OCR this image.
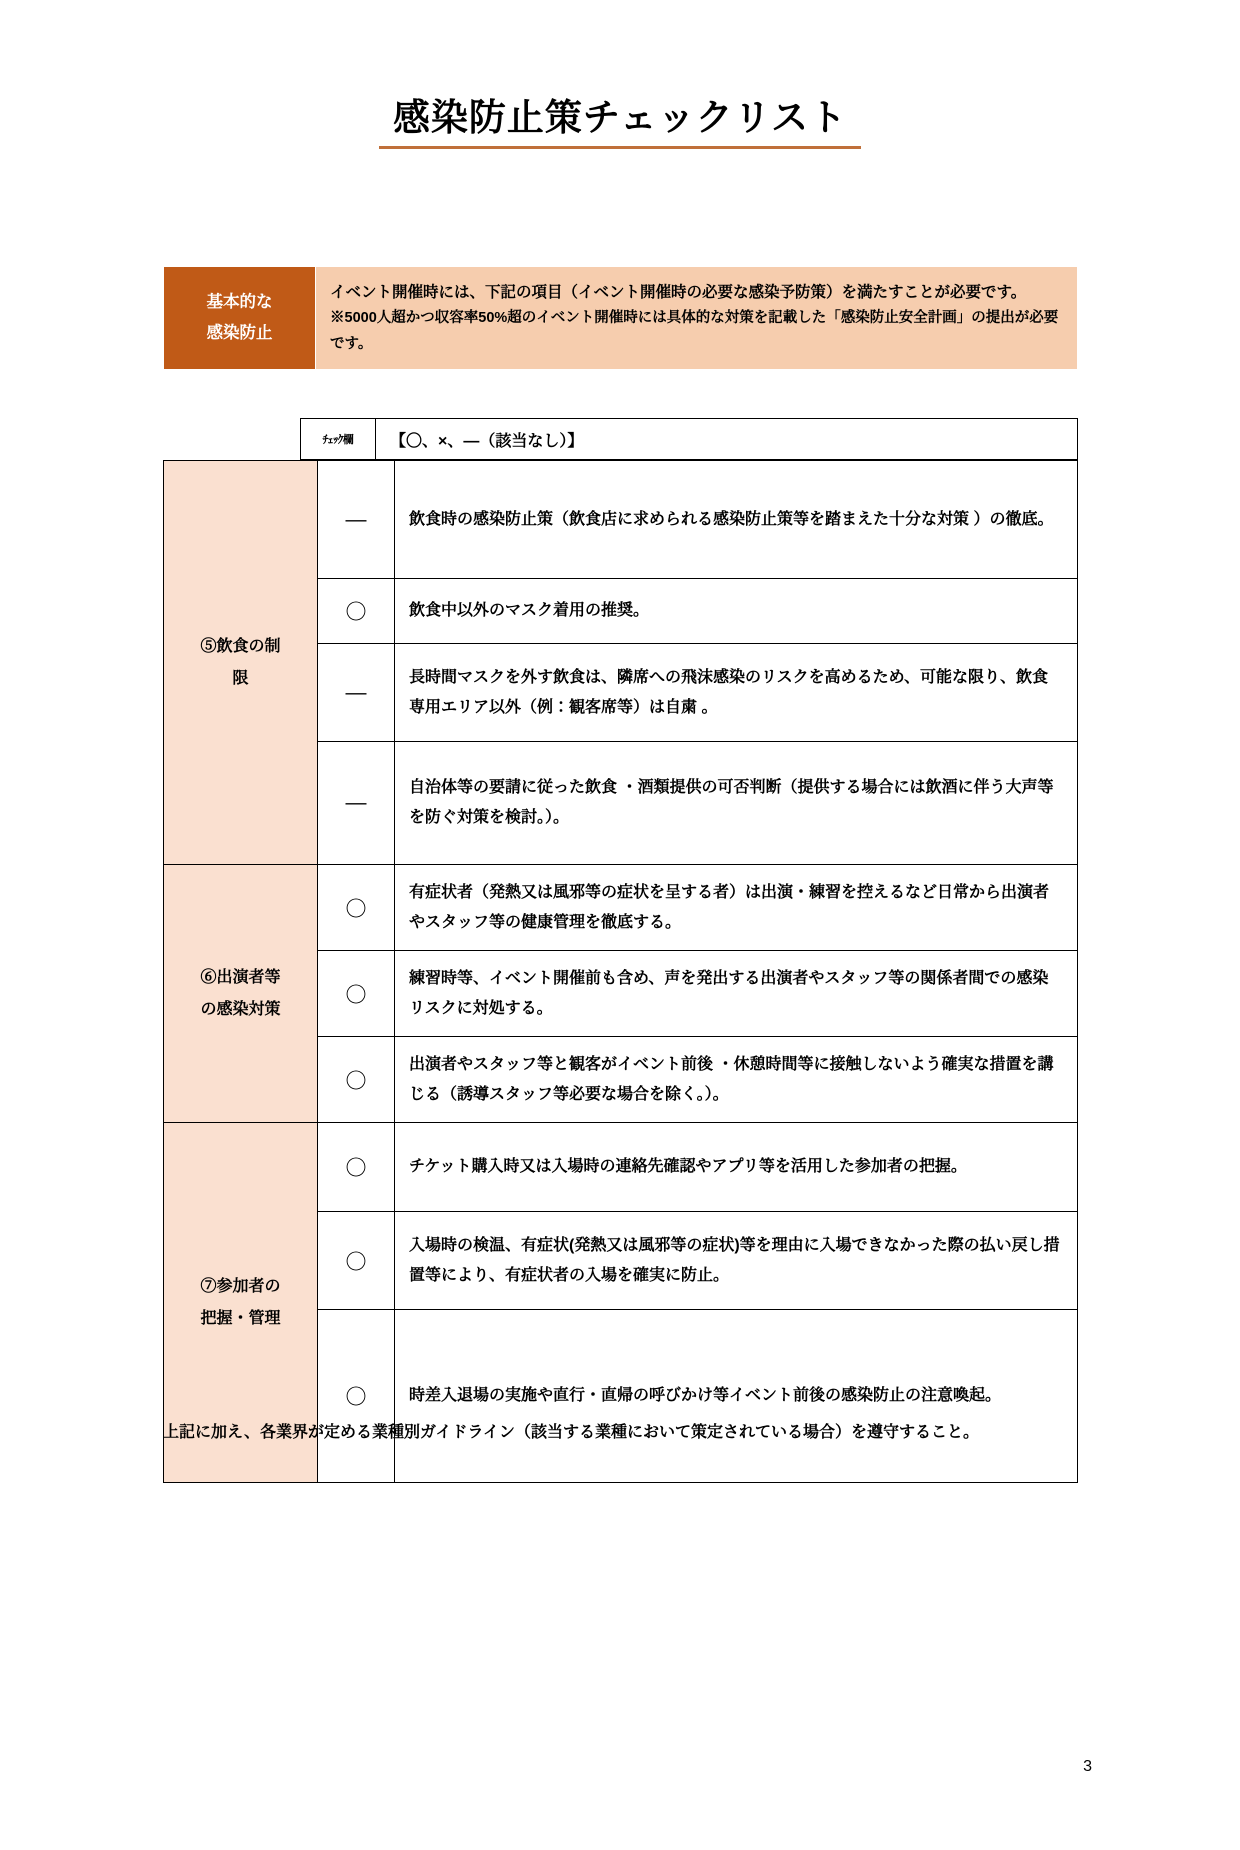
感染防止策チェックリスト
基本的な
感染防止

イベント開催時には、下記の項目（イベント開催時の必要な感染予防策）を満たすことが必要です。
※5000人超かつ収容率50%超のイベント開催時には具体的な対策を記載した「感染防止安全計画」の提出が必要です。
ﾁｪｯｸ欄	【〇、×、—（該当なし）】
⑤飲食の制
限	—	飲食時の感染防止策（飲食店に求められる感染防止策等を踏まえた十分な対策 ）の徹底。
	〇	飲食中以外のマスク着用の推奨。
	—	長時間マスクを外す飲食は、隣席への飛沫感染のリスクを高めるため、可能な限り、飲食専用エリア以外（例：観客席等）は自粛 。
	—	自治体等の要請に従った飲食 ・酒類提供の可否判断（提供する場合には飲酒に伴う大声等を防ぐ対策を検討。）。

⑥出演者等
の感染対策	〇	有症状者（発熱又は風邪等の症状を呈する者）は出演・練習を控えるなど日常から出演者やスタッフ等の健康管理を徹底する。
	〇	練習時等、イベント開催前も含め、声を発出する出演者やスタッフ等の関係者間での感染リスクに対処する。
	〇	出演者やスタッフ等と観客がイベント前後 ・休憩時間等に接触しないよう確実な措置を講じる（誘導スタッフ等必要な場合を除く。）。

⑦参加者の
把握・管理	〇	チケット購入時又は入場時の連絡先確認やアプリ等を活用した参加者の把握。
	〇	入場時の検温、有症状(発熱又は風邪等の症状)等を理由に入場できなかった際の払い戻し措置等により、有症状者の入場を確実に防止。
	〇	時差入退場の実施や直行・直帰の呼びかけ等イベント前後の感染防止の注意喚起。
上記に加え、各業界が定める業種別ガイドライン（該当する業種において策定されている場合）を遵守すること。
3
